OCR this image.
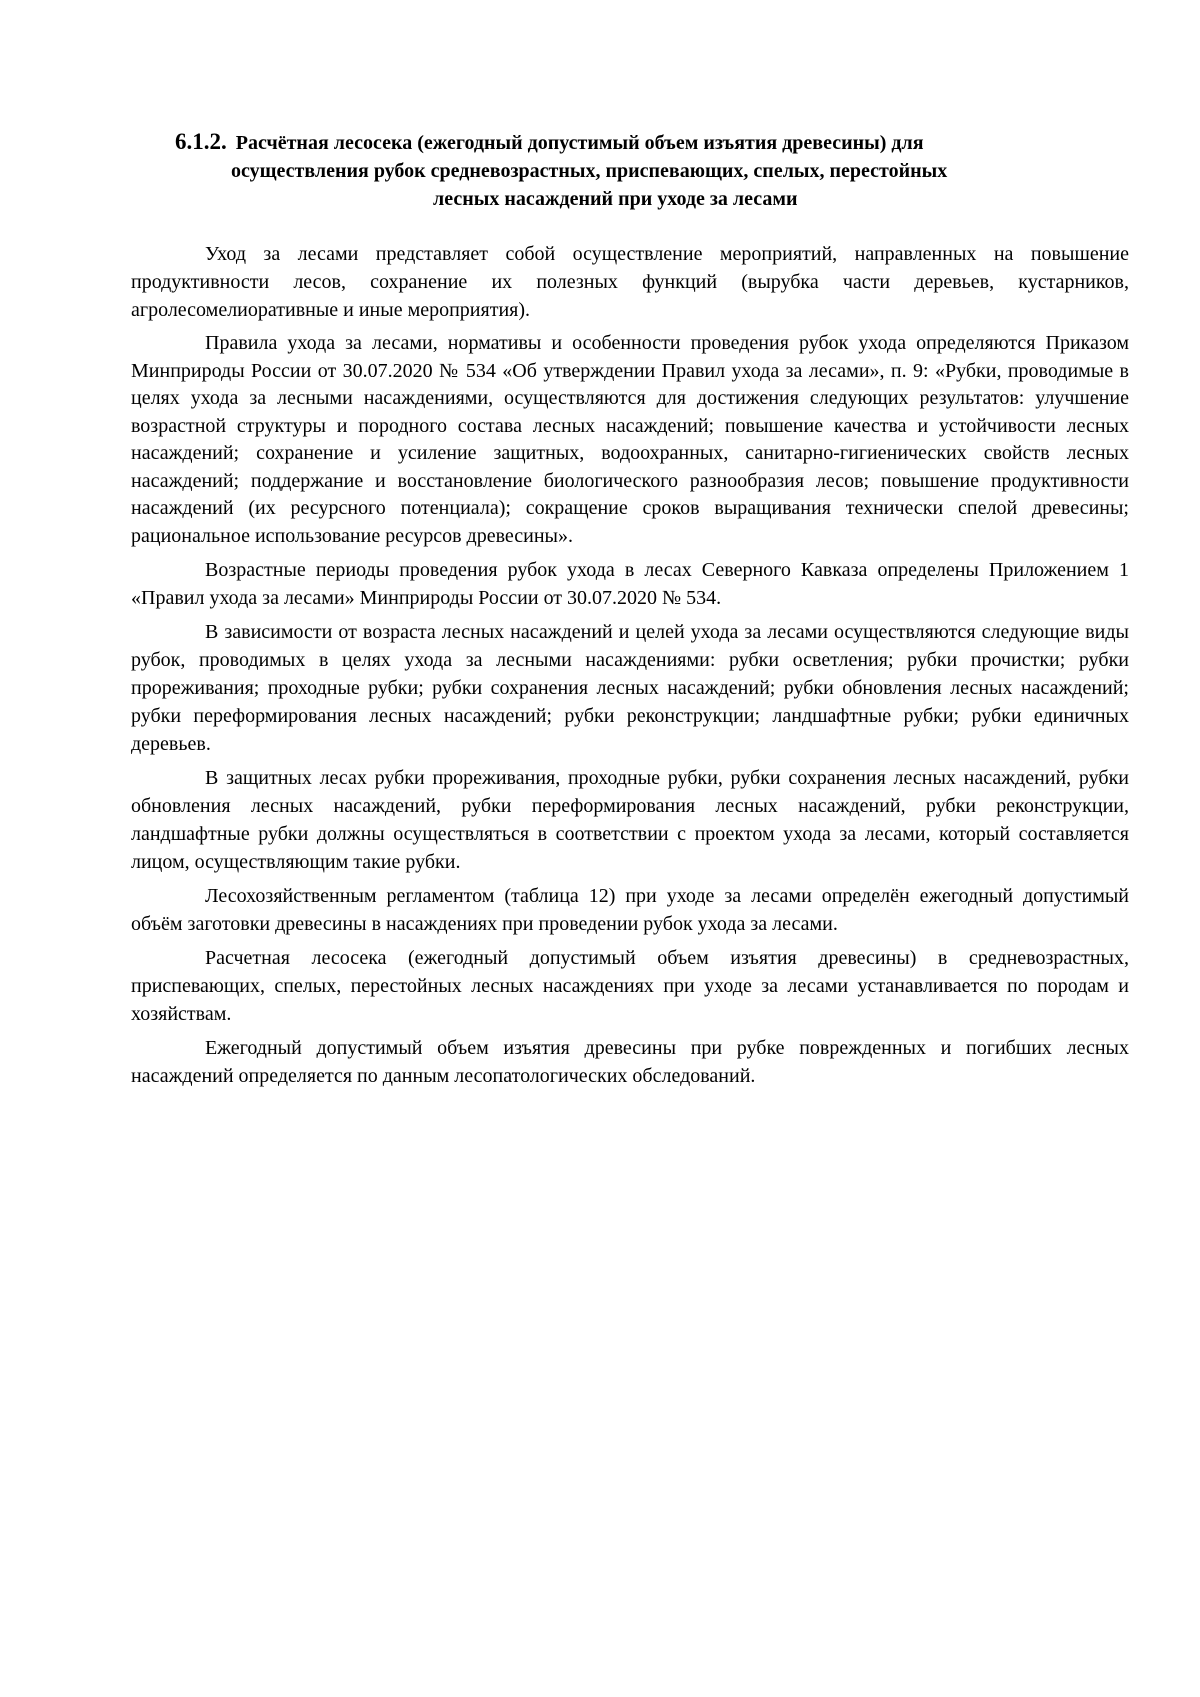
6.1.2. Расчётная лесосека (ежегодный допустимый объем изъятия древесины) для
осуществления рубок средневозрастных, приспевающих, спелых, перестойных
лесных насаждений при уходе за лесами

Уход за лесами представляет собой осуществление мероприятий, направленных на повышение продуктивности лесов, сохранение их полезных функций (вырубка части деревьев, кустарников, агролесомелиоративные и иные мероприятия).

Правила ухода за лесами, нормативы и особенности проведения рубок ухода определяются Приказом Минприроды России от 30.07.2020 № 534 «Об утверждении Правил ухода за лесами», п. 9: «Рубки, проводимые в целях ухода за лесными насаждениями, осуществляются для достижения следующих результатов: улучшение возрастной структуры и породного состава лесных насаждений; повышение качества и устойчивости лесных насаждений; сохранение и усиление защитных, водоохранных, санитарно-гигиенических свойств лесных насаждений; поддержание и восстановление биологического разнообразия лесов; повышение продуктивности насаждений (их ресурсного потенциала); сокращение сроков выращивания технически спелой древесины; рациональное использование ресурсов древесины».

Возрастные периоды проведения рубок ухода в лесах Северного Кавказа определены Приложением 1 «Правил ухода за лесами» Минприроды России от 30.07.2020 № 534.

В зависимости от возраста лесных насаждений и целей ухода за лесами осуществляются следующие виды рубок, проводимых в целях ухода за лесными насаждениями: рубки осветления; рубки прочистки; рубки прореживания; проходные рубки; рубки сохранения лесных насаждений; рубки обновления лесных насаждений; рубки переформирования лесных насаждений; рубки реконструкции; ландшафтные рубки; рубки единичных деревьев.

В защитных лесах рубки прореживания, проходные рубки, рубки сохранения лесных насаждений, рубки обновления лесных насаждений, рубки переформирования лесных насаждений, рубки реконструкции, ландшафтные рубки должны осуществляться в соответствии с проектом ухода за лесами, который составляется лицом, осуществляющим такие рубки.

Лесохозяйственным регламентом (таблица 12) при уходе за лесами определён ежегодный допустимый объём заготовки древесины в насаждениях при проведении рубок ухода за лесами.

Расчетная лесосека (ежегодный допустимый объем изъятия древесины) в средневозрастных, приспевающих, спелых, перестойных лесных насаждениях при уходе за лесами устанавливается по породам и хозяйствам.

Ежегодный допустимый объем изъятия древесины при рубке поврежденных и погибших лесных насаждений определяется по данным лесопатологических обследований.
